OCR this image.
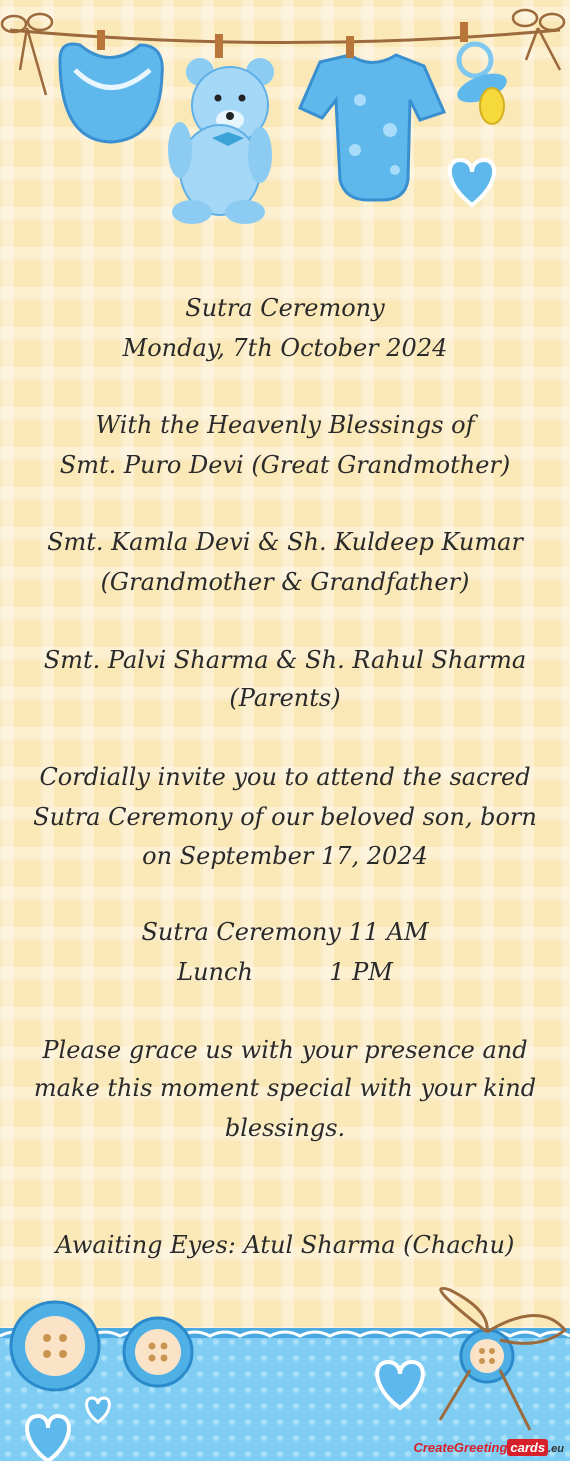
Sutra Ceremony

Monday, 7th October 2024

With the Heavenly Blessings of

Smt. Puro Devi (Great Grandmother)

Smt. Kamla Devi & Sh. Kuldeep Kumar

(Grandmother & Grandfather)

Smt. Palvi Sharma & Sh. Rahul Sharma

(Parents)

Cordially invite you to attend the sacred

Sutra Ceremony of our beloved son, born

on September 17, 2024

Sutra Ceremony 11 AM

Lunch          1 PM

Please grace us with your presence and

make this moment special with your kind

blessings.

Awaiting Eyes: Atul Sharma (Chachu)

CreateGreeting cards .eu
